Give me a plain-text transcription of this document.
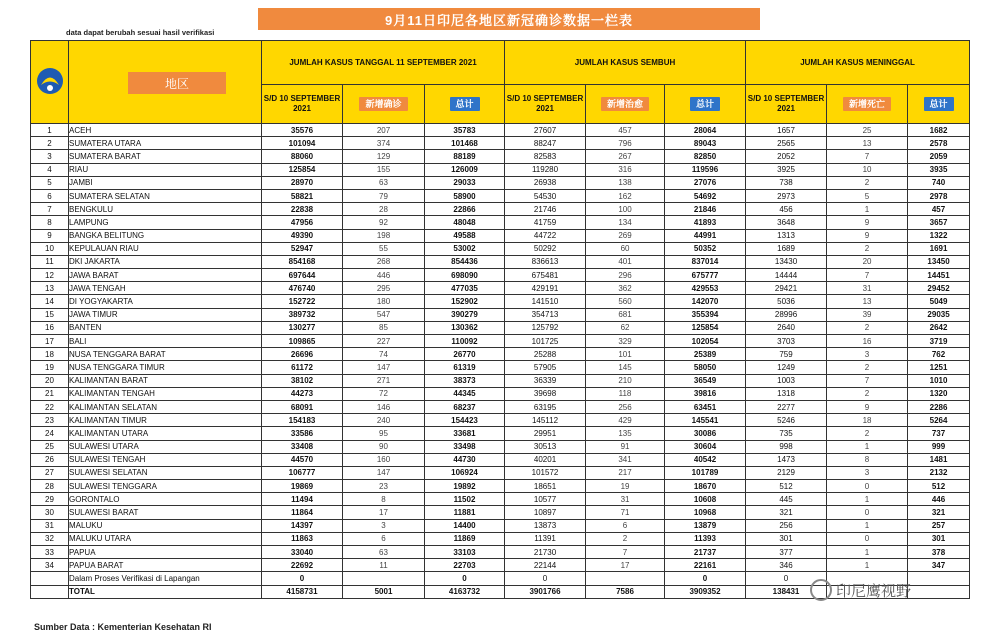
9月11日印尼各地区新冠确诊数据一栏表
data dapat berubah sesuai hasil verifikasi
		JUMLAH KASUS TANGGAL 11 SEPTEMBER 2021			JUMLAH KASUS SEMBUH			JUMLAH KASUS MENINGGAL		
		S/D 10 SEPTEMBER 2021	新增确诊	总计	S/D 10 SEPTEMBER 2021	新增治愈	总计	S/D 10 SEPTEMBER 2021	新增死亡	总计
1	ACEH	35576	207	35783	27607	457	28064	1657	25	1682
2	SUMATERA UTARA	101094	374	101468	88247	796	89043	2565	13	2578
3	SUMATERA BARAT	88060	129	88189	82583	267	82850	2052	7	2059
4	RIAU	125854	155	126009	119280	316	119596	3925	10	3935
5	JAMBI	28970	63	29033	26938	138	27076	738	2	740
6	SUMATERA SELATAN	58821	79	58900	54530	162	54692	2973	5	2978
7	BENGKULU	22838	28	22866	21746	100	21846	456	1	457
8	LAMPUNG	47956	92	48048	41759	134	41893	3648	9	3657
9	BANGKA BELITUNG	49390	198	49588	44722	269	44991	1313	9	1322
10	KEPULAUAN RIAU	52947	55	53002	50292	60	50352	1689	2	1691
11	DKI JAKARTA	854168	268	854436	836613	401	837014	13430	20	13450
12	JAWA BARAT	697644	446	698090	675481	296	675777	14444	7	14451
13	JAWA TENGAH	476740	295	477035	429191	362	429553	29421	31	29452
14	DI YOGYAKARTA	152722	180	152902	141510	560	142070	5036	13	5049
15	JAWA TIMUR	389732	547	390279	354713	681	355394	28996	39	29035
16	BANTEN	130277	85	130362	125792	62	125854	2640	2	2642
17	BALI	109865	227	110092	101725	329	102054	3703	16	3719
18	NUSA TENGGARA BARAT	26696	74	26770	25288	101	25389	759	3	762
19	NUSA TENGGARA TIMUR	61172	147	61319	57905	145	58050	1249	2	1251
20	KALIMANTAN BARAT	38102	271	38373	36339	210	36549	1003	7	1010
21	KALIMANTAN TENGAH	44273	72	44345	39698	118	39816	1318	2	1320
22	KALIMANTAN SELATAN	68091	146	68237	63195	256	63451	2277	9	2286
23	KALIMANTAN TIMUR	154183	240	154423	145112	429	145541	5246	18	5264
24	KALIMANTAN UTARA	33586	95	33681	29951	135	30086	735	2	737
25	SULAWESI UTARA	33408	90	33498	30513	91	30604	998	1	999
26	SULAWESI TENGAH	44570	160	44730	40201	341	40542	1473	8	1481
27	SULAWESI SELATAN	106777	147	106924	101572	217	101789	2129	3	2132
28	SULAWESI TENGGARA	19869	23	19892	18651	19	18670	512	0	512
29	GORONTALO	11494	8	11502	10577	31	10608	445	1	446
30	SULAWESI BARAT	11864	17	11881	10897	71	10968	321	0	321
31	MALUKU	14397	3	14400	13873	6	13879	256	1	257
32	MALUKU UTARA	11863	6	11869	11391	2	11393	301	0	301
33	PAPUA	33040	63	33103	21730	7	21737	377	1	378
34	PAPUA BARAT	22692	11	22703	22144	17	22161	346	1	347
	Dalam Proses Verifikasi di Lapangan	0		0	0		0	0		
	TOTAL	4158731	5001	4163732	3901766	7586	3909352	138431		
地区
印尼鹰视野
Sumber Data : Kementerian Kesehatan RI
